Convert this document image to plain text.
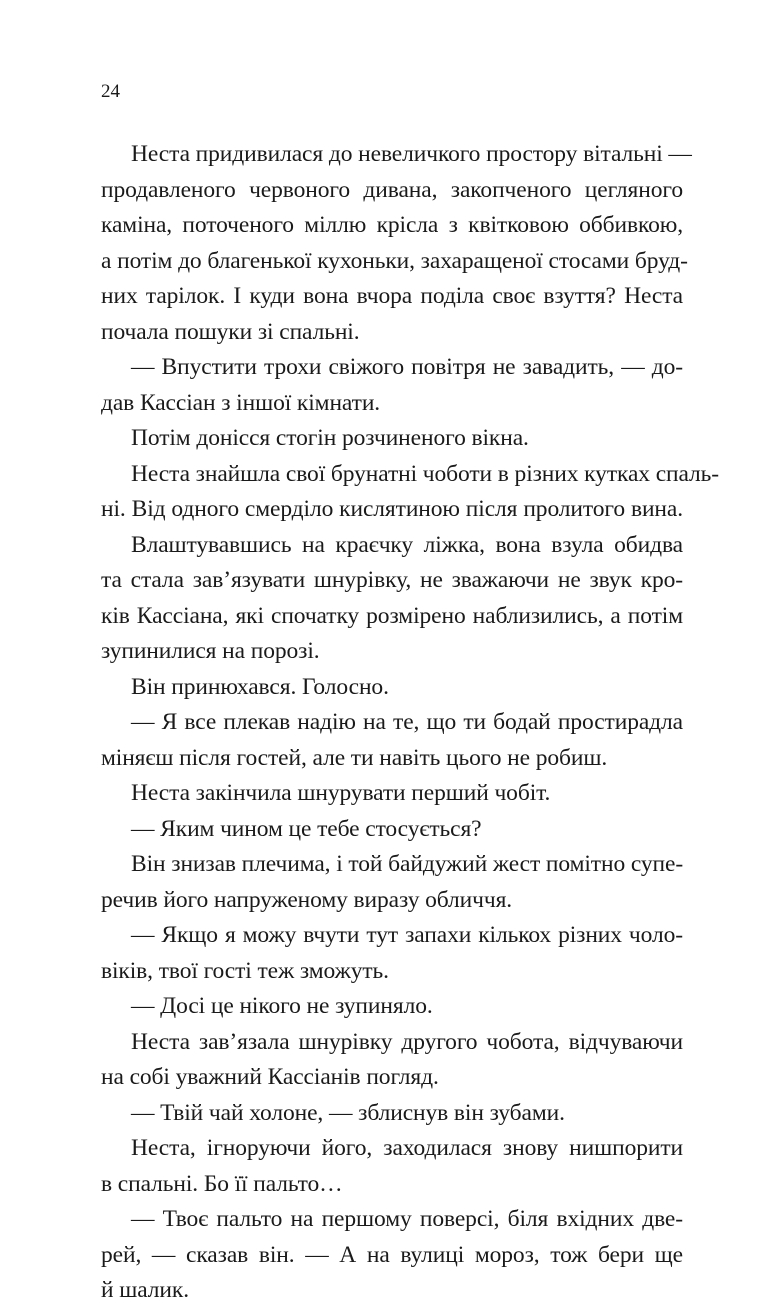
24
Неста придивилася до невеличкого простору вітальні —
продавленого червоного дивана, закопченого цегляного
каміна, поточеного міллю крісла з квітковою оббивкою,
а потім до благенької кухоньки, захаращеної стосами бруд-
них тарілок. І куди вона вчора поділа своє взуття? Неста
почала пошуки зі спальні.
— Впустити трохи свіжого повітря не завадить, — до-
дав Кассіан з іншої кімнати.
Потім донісся стогін розчиненого вікна.
Неста знайшла свої брунатні чоботи в різних кутках спаль-
ні. Від одного смерділо кислятиною після пролитого вина.
Влаштувавшись на краєчку ліжка, вона взула обидва
та стала зав’язувати шнурівку, не зважаючи не звук кро-
ків Кассіана, які спочатку розмірено наблизились, а потім
зупинилися на порозі.
Він принюхався. Голосно.
— Я все плекав надію на те, що ти бодай простирадла
міняєш після гостей, але ти навіть цього не робиш.
Неста закінчила шнурувати перший чобіт.
— Яким чином це тебе стосується?
Він знизав плечима, і той байдужий жест помітно супе-
речив його напруженому виразу обличчя.
— Якщо я можу вчути тут запахи кількох різних чоло-
віків, твої гості теж зможуть.
— Досі це нікого не зупиняло.
Неста зав’язала шнурівку другого чобота, відчуваючи
на собі уважний Кассіанів погляд.
— Твій чай холоне, — зблиснув він зубами.
Неста, ігноруючи його, заходилася знову нишпорити
в спальні. Бо її пальто…
— Твоє пальто на першому поверсі, біля вхідних две-
рей, — сказав він. — А на вулиці мороз, тож бери ще
й шалик.
